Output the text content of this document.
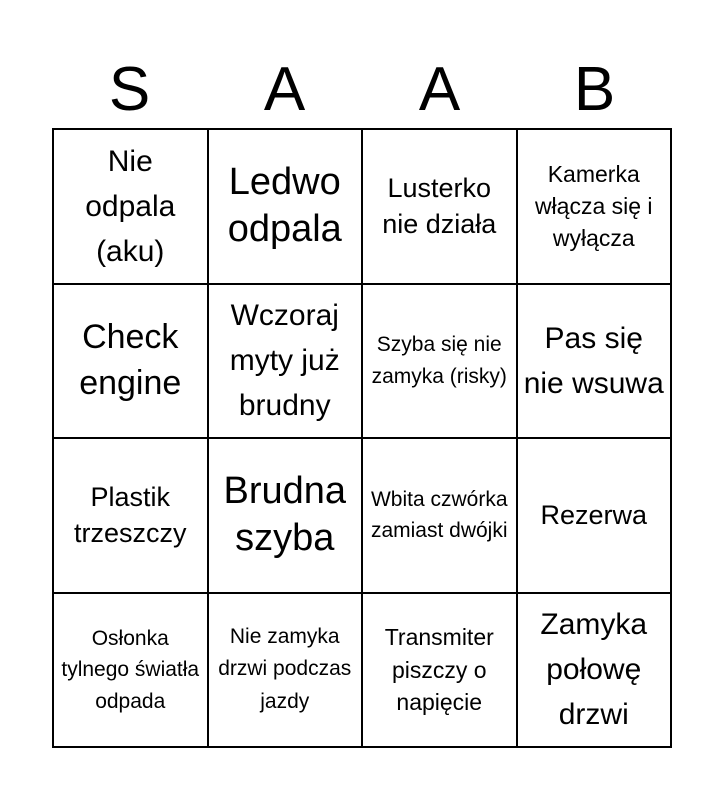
S	A	A	B
Nie odpala (aku)
Ledwo odpala
Lusterko nie działa
Kamerka włącza się i wyłącza
Check engine
Wczoraj myty już brudny
Szyba się nie zamyka (risky)
Pas się nie wsuwa
Plastik trzeszczy
Brudna szyba
Wbita czwórka zamiast dwójki
Rezerwa
Osłonka tylnego światła odpada
Nie zamyka drzwi podczas jazdy
Transmiter piszczy o napięcie
Zamyka połowę drzwi
